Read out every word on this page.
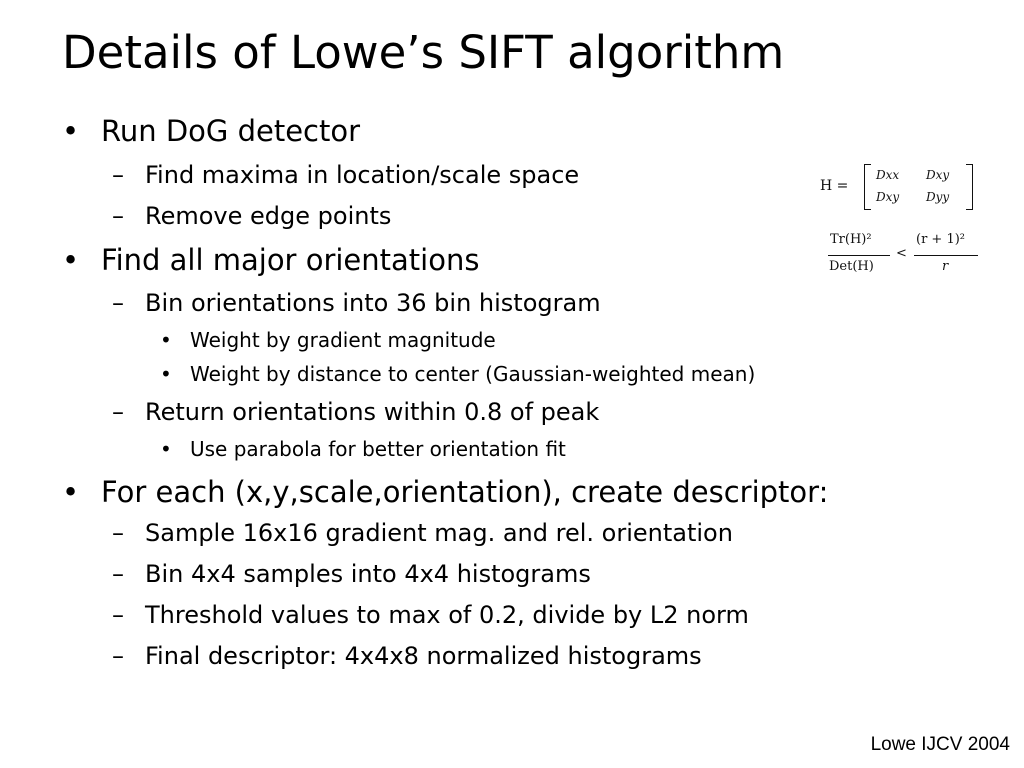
Details of Lowe’s SIFT algorithm
• Run DoG detector
– Find maxima in location/scale space
– Remove edge points
• Find all major orientations
– Bin orientations into 36 bin histogram
• Weight by gradient magnitude
• Weight by distance to center (Gaussian-weighted mean)
– Return orientations within 0.8 of peak
• Use parabola for better orientation fit
• For each (x,y,scale,orientation), create descriptor:
– Sample 16x16 gradient mag. and rel. orientation
– Bin 4x4 samples into 4x4 histograms
– Threshold values to max of 0.2, divide by L2 norm
– Final descriptor: 4x4x8 normalized histograms
H =
Dxx Dxy
Dxy Dyy
Tr(H)²
Det(H)
<
(r + 1)²
r
Lowe IJCV 2004
